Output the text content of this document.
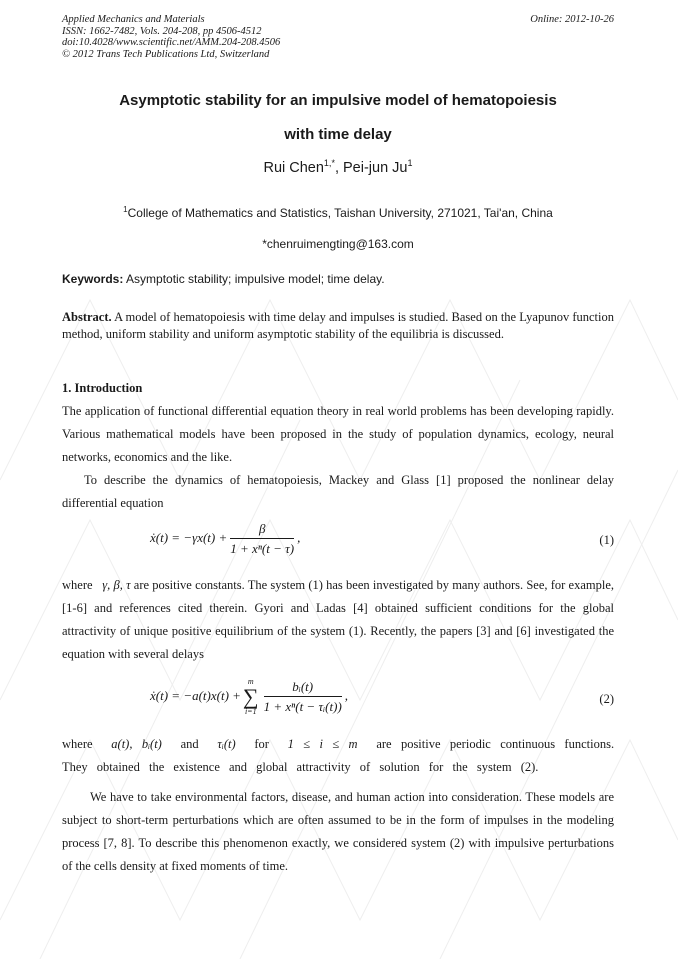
Applied Mechanics and Materials
ISSN: 1662-7482, Vols. 204-208, pp 4506-4512
doi:10.4028/www.scientific.net/AMM.204-208.4506
© 2012 Trans Tech Publications Ltd, Switzerland
Online: 2012-10-26
Asymptotic stability for an impulsive model of hematopoiesis
with time delay
Rui Chen$^{1,*}$, Pei-jun Ju$^1$
$^1$College of Mathematics and Statistics, Taishan University, 271021, Tai'an, China
*chenruimengting@163.com
Keywords: Asymptotic stability; impulsive model; time delay.
Abstract. A model of hematopoiesis with time delay and impulses is studied. Based on the Lyapunov function method, uniform stability and uniform asymptotic stability of the equilibria is discussed.
1. Introduction
The application of functional differential equation theory in real world problems has been developing rapidly. Various mathematical models have been proposed in the study of population dynamics, ecology, neural networks, economics and the like.
To describe the dynamics of hematopoiesis, Mackey and Glass [1] proposed the nonlinear delay differential equation
ẋ(t) = $-\gamma x(t) + \frac{\beta}{\text{1 + xⁿ(t − τ)}}$ ,	(1)
where γ, β, τ are positive constants. The system (1) has been investigated by many authors. See, for example, [1-6] and references cited therein. Gyori and Ladas [4] obtained sufficient conditions for the global attractivity of unique positive equilibrium of the system (1). Recently, the papers [3] and [6] investigated the equation with several delays
ẋ(t) = −a(t)x(t) +
m
∑
$i=1 \frac{\text{bᵢ(t)}}{\text{1 + xⁿ(t − τᵢ(t))}}$ ,	(2)
where a(t), bᵢ(t) and τᵢ(t) for 1 ≤ i ≤ m are positive periodic continuous functions. They obtained the existence and global attractivity of solution for the system (2).
We have to take environmental factors, disease, and human action into consideration. These models are subject to short-term perturbations which are often assumed to be in the form of impulses in the modeling process [7, 8]. To describe this phenomenon exactly, we considered system (2) with impulsive perturbations of the cells density at fixed moments of time.
